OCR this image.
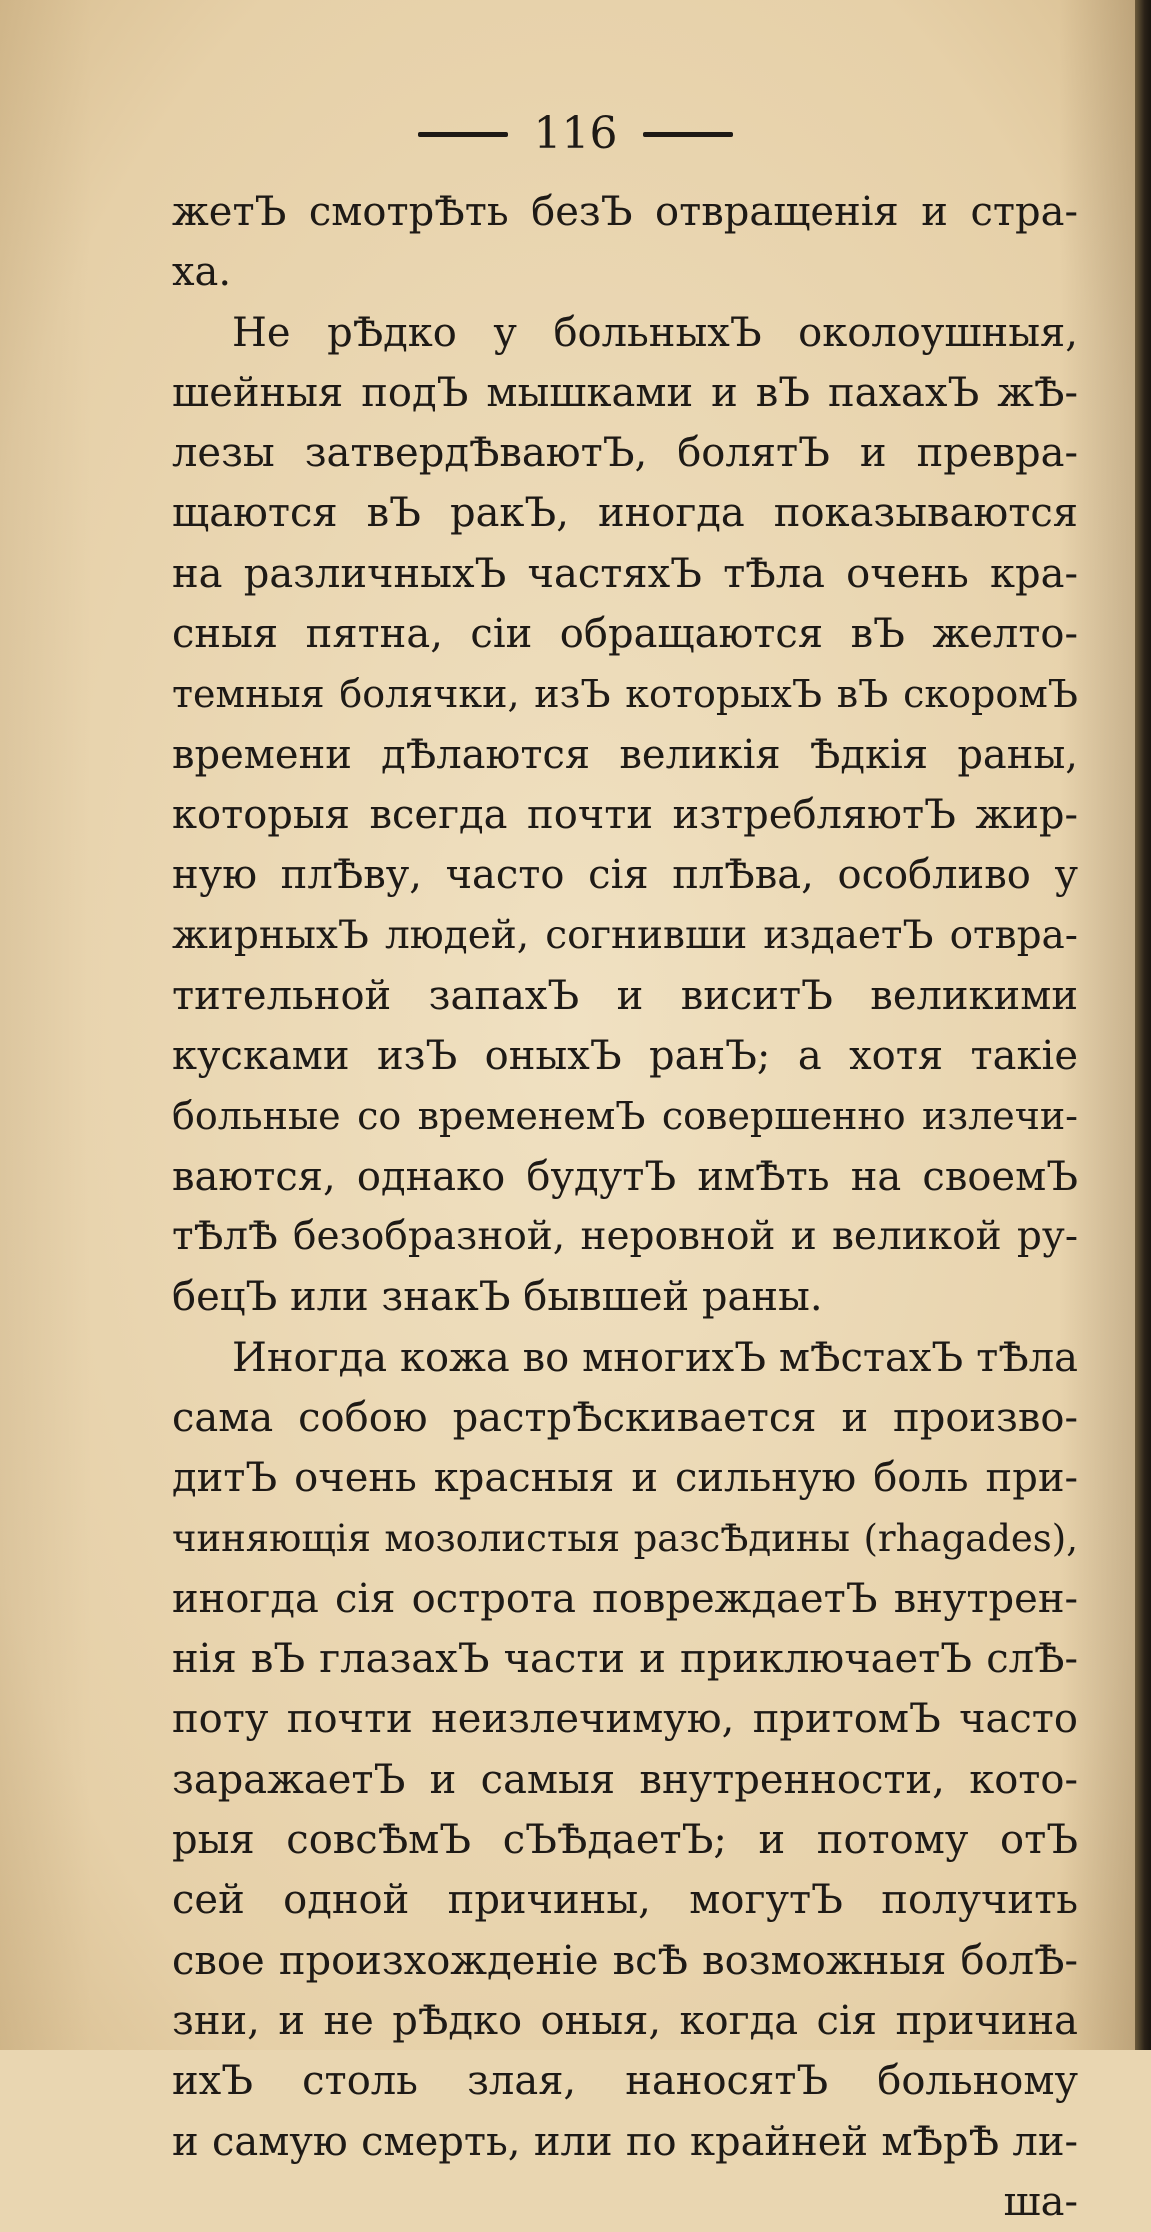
116
жетЪ смотрѢть безЪ отвращенія и стра-
ха.
Не рѢдко у больныхЪ околоушныя,
шейныя подЪ мышками и вЪ пахахЪ жѢ-
лезы затвердѢваютЪ, болятЪ и превра-
щаются вЪ ракЪ, иногда показываются
на различныхЪ частяхЪ тѢла очень кра-
сныя пятна, сіи обращаются вЪ желто-
темныя болячки, изЪ которыхЪ вЪ скоромЪ
времени дѢлаются великія Ѣдкія раны,
которыя всегда почти изтребляютЪ жир-
ную плѢву, часто сія плѢва, особливо у
жирныхЪ людей, согнивши издаетЪ отвра-
тительной запахЪ и виситЪ великими
кусками изЪ оныхЪ ранЪ; а хотя такіе
больные со временемЪ совершенно излечи-
ваются, однако будутЪ имѢть на своемЪ
тѢлѢ безобразной, неровной и великой ру-
бецЪ или знакЪ бывшей раны.
Иногда кожа во многихЪ мѢстахЪ тѢла
сама собою растрѢскивается и произво-
дитЪ очень красныя и сильную боль при-
чиняющія мозолистыя разсѢдины (rhagades),
иногда сія острота повреждаетЪ внутрен-
нія вЪ глазахЪ части и приключаетЪ слѢ-
поту почти неизлечимую, притомЪ часто
заражаетЪ и самыя внутренности, кото-
рыя совсѢмЪ сЪѢдаетЪ; и потому отЪ
сей одной причины, могутЪ получить
свое произхожденіе всѢ возможныя болѢ-
зни, и не рѢдко оныя, когда сія причина
ихЪ столь злая, наносятЪ больному
и самую смерть, или по крайней мѢрѢ ли-
ша-
